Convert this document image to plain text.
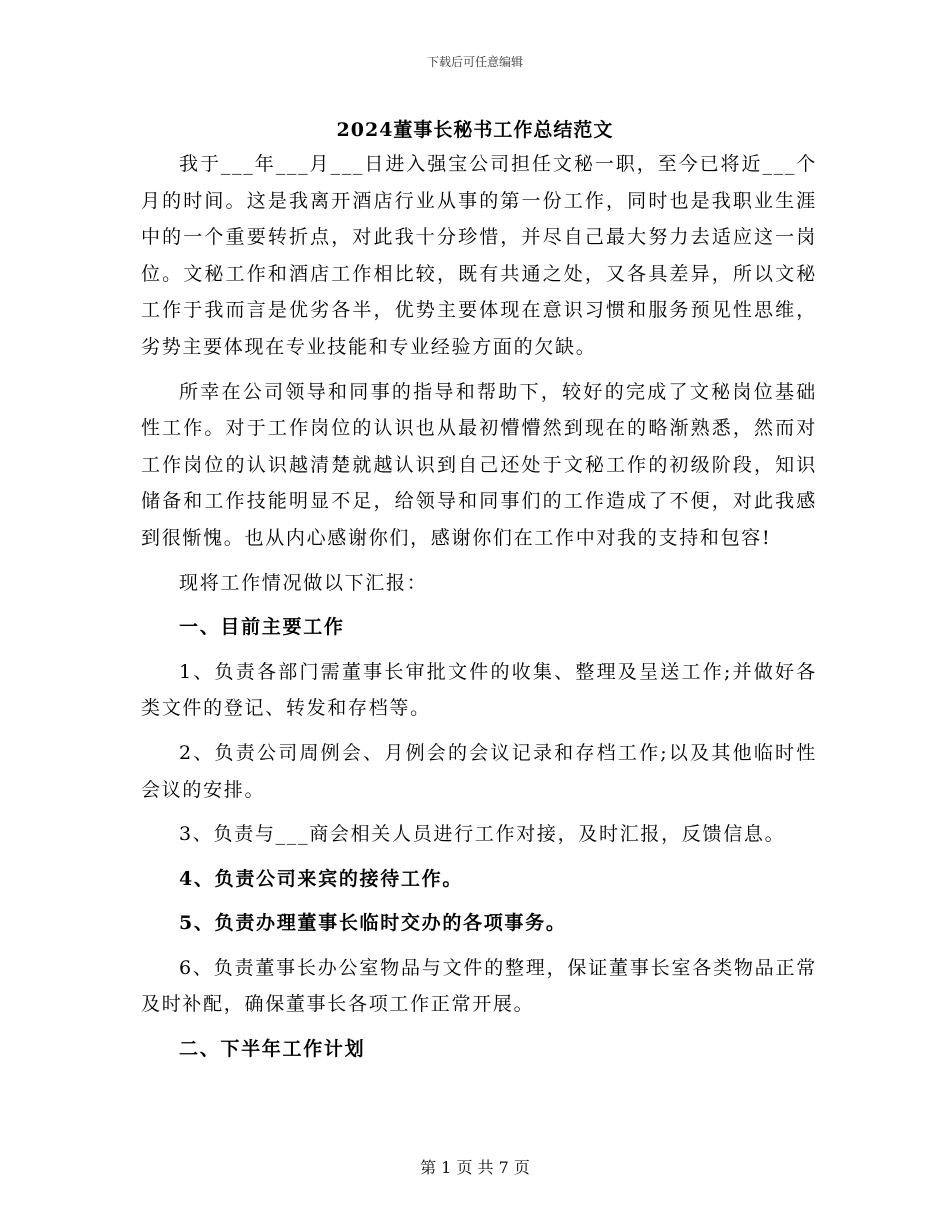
下载后可任意编辑
2024董事长秘书工作总结范文

我于___年___月___日进入强宝公司担任文秘一职，至今已将近___个月的时间。这是我离开酒店行业从事的第一份工作，同时也是我职业生涯中的一个重要转折点，对此我十分珍惜，并尽自己最大努力去适应这一岗位。文秘工作和酒店工作相比较，既有共通之处，又各具差异，所以文秘工作于我而言是优劣各半，优势主要体现在意识习惯和服务预见性思维，劣势主要体现在专业技能和专业经验方面的欠缺。

所幸在公司领导和同事的指导和帮助下，较好的完成了文秘岗位基础性工作。对于工作岗位的认识也从最初懵懵然到现在的略渐熟悉，然而对工作岗位的认识越清楚就越认识到自己还处于文秘工作的初级阶段，知识储备和工作技能明显不足，给领导和同事们的工作造成了不便，对此我感到很惭愧。也从内心感谢你们，感谢你们在工作中对我的支持和包容!

现将工作情况做以下汇报：

一、目前主要工作

1、负责各部门需董事长审批文件的收集、整理及呈送工作;并做好各类文件的登记、转发和存档等。

2、负责公司周例会、月例会的会议记录和存档工作;以及其他临时性会议的安排。

3、负责与___商会相关人员进行工作对接，及时汇报，反馈信息。

4、负责公司来宾的接待工作。

5、负责办理董事长临时交办的各项事务。

6、负责董事长办公室物品与文件的整理，保证董事长室各类物品正常及时补配，确保董事长各项工作正常开展。

二、下半年工作计划

第 1 页 共 7 页
